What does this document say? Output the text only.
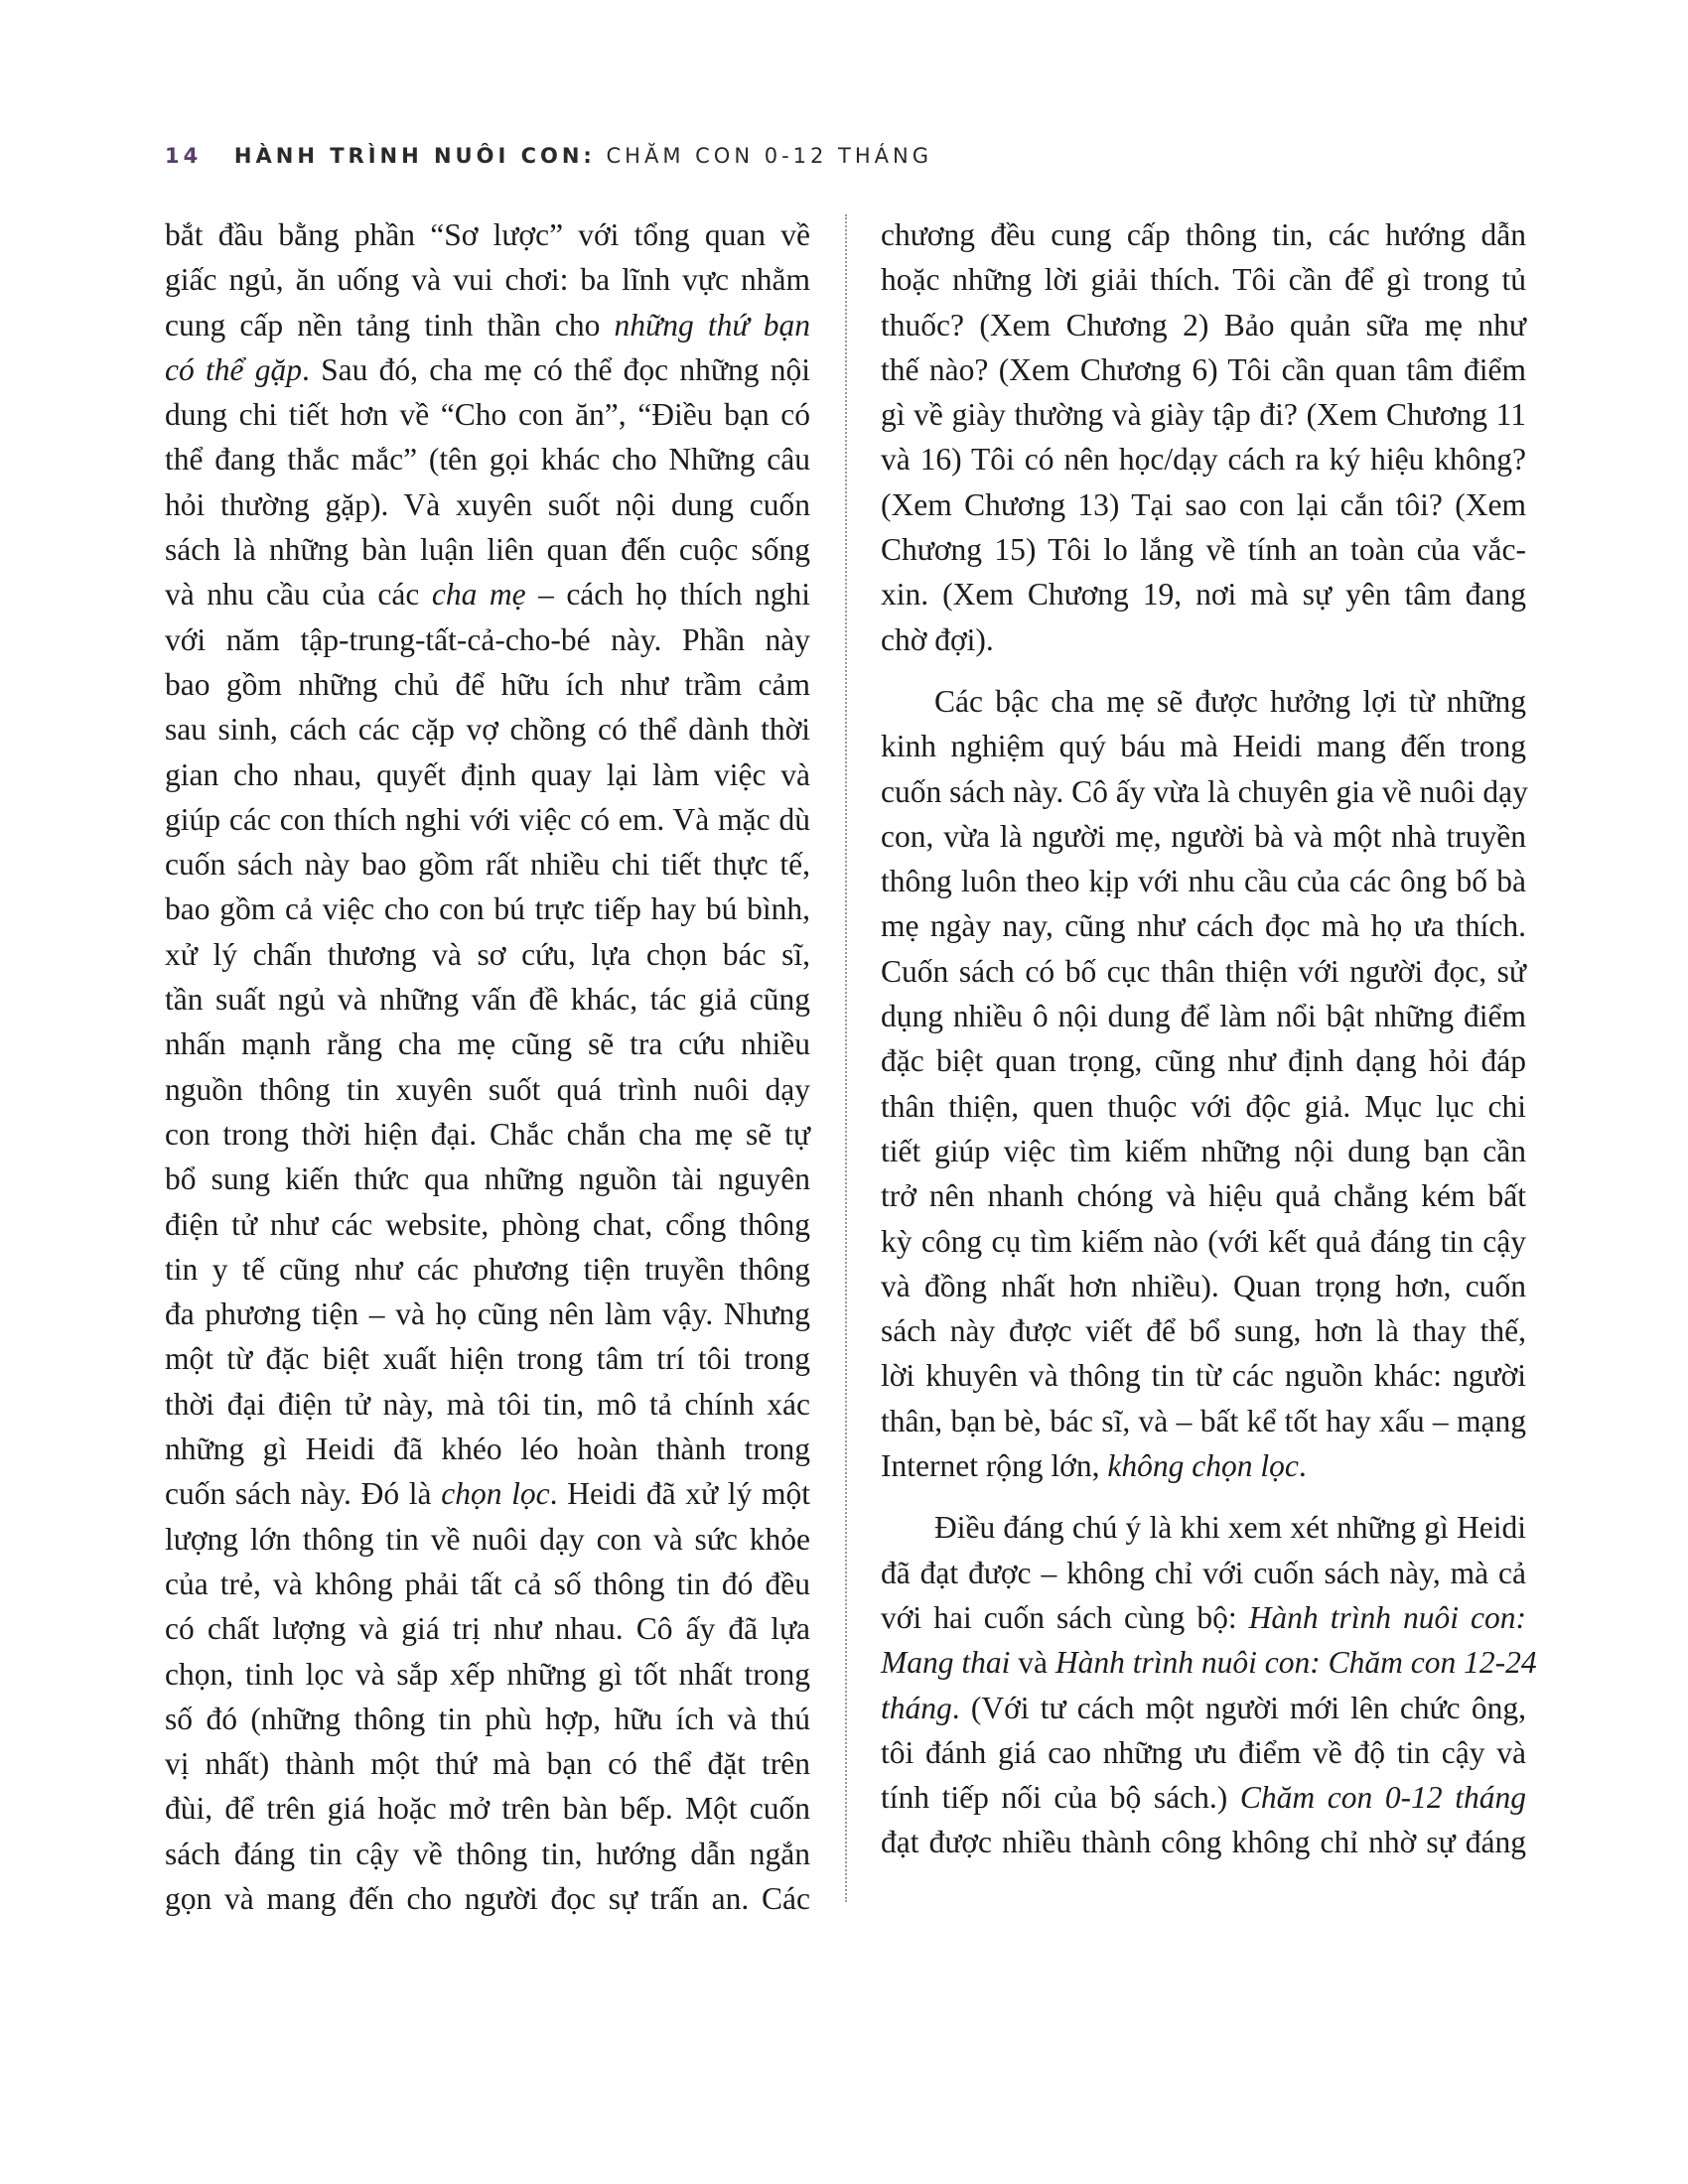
14 HÀNH TRÌNH NUÔI CON: CHĂM CON 0-12 THÁNG
bắt đầu bằng phần “Sơ lược” với tổng quan về
giấc ngủ, ăn uống và vui chơi: ba lĩnh vực nhằm
cung cấp nền tảng tinh thần cho những thứ bạn
có thể gặp. Sau đó, cha mẹ có thể đọc những nội
dung chi tiết hơn về “Cho con ăn”, “Điều bạn có
thể đang thắc mắc” (tên gọi khác cho Những câu
hỏi thường gặp). Và xuyên suốt nội dung cuốn
sách là những bàn luận liên quan đến cuộc sống
và nhu cầu của các cha mẹ – cách họ thích nghi
với năm tập-trung-tất-cả-cho-bé này. Phần này
bao gồm những chủ để hữu ích như trầm cảm
sau sinh, cách các cặp vợ chồng có thể dành thời
gian cho nhau, quyết định quay lại làm việc và
giúp các con thích nghi với việc có em. Và mặc dù
cuốn sách này bao gồm rất nhiều chi tiết thực tế,
bao gồm cả việc cho con bú trực tiếp hay bú bình,
xử lý chấn thương và sơ cứu, lựa chọn bác sĩ,
tần suất ngủ và những vấn đề khác, tác giả cũng
nhấn mạnh rằng cha mẹ cũng sẽ tra cứu nhiều
nguồn thông tin xuyên suốt quá trình nuôi dạy
con trong thời hiện đại. Chắc chắn cha mẹ sẽ tự
bổ sung kiến thức qua những nguồn tài nguyên
điện tử như các website, phòng chat, cổng thông
tin y tế cũng như các phương tiện truyền thông
đa phương tiện – và họ cũng nên làm vậy. Nhưng
một từ đặc biệt xuất hiện trong tâm trí tôi trong
thời đại điện tử này, mà tôi tin, mô tả chính xác
những gì Heidi đã khéo léo hoàn thành trong
cuốn sách này. Đó là chọn lọc. Heidi đã xử lý một
lượng lớn thông tin về nuôi dạy con và sức khỏe
của trẻ, và không phải tất cả số thông tin đó đều
có chất lượng và giá trị như nhau. Cô ấy đã lựa
chọn, tinh lọc và sắp xếp những gì tốt nhất trong
số đó (những thông tin phù hợp, hữu ích và thú
vị nhất) thành một thứ mà bạn có thể đặt trên
đùi, để trên giá hoặc mở trên bàn bếp. Một cuốn
sách đáng tin cậy về thông tin, hướng dẫn ngắn
gọn và mang đến cho người đọc sự trấn an. Các
chương đều cung cấp thông tin, các hướng dẫn
hoặc những lời giải thích. Tôi cần để gì trong tủ
thuốc? (Xem Chương 2) Bảo quản sữa mẹ như
thế nào? (Xem Chương 6) Tôi cần quan tâm điểm
gì về giày thường và giày tập đi? (Xem Chương 11
và 16) Tôi có nên học/dạy cách ra ký hiệu không?
(Xem Chương 13) Tại sao con lại cắn tôi? (Xem
Chương 15) Tôi lo lắng về tính an toàn của vắc-
xin. (Xem Chương 19, nơi mà sự yên tâm đang
chờ đợi).
Các bậc cha mẹ sẽ được hưởng lợi từ những
kinh nghiệm quý báu mà Heidi mang đến trong
cuốn sách này. Cô ấy vừa là chuyên gia về nuôi dạy
con, vừa là người mẹ, người bà và một nhà truyền
thông luôn theo kịp với nhu cầu của các ông bố bà
mẹ ngày nay, cũng như cách đọc mà họ ưa thích.
Cuốn sách có bố cục thân thiện với người đọc, sử
dụng nhiều ô nội dung để làm nổi bật những điểm
đặc biệt quan trọng, cũng như định dạng hỏi đáp
thân thiện, quen thuộc với độc giả. Mục lục chi
tiết giúp việc tìm kiếm những nội dung bạn cần
trở nên nhanh chóng và hiệu quả chẳng kém bất
kỳ công cụ tìm kiếm nào (với kết quả đáng tin cậy
và đồng nhất hơn nhiều). Quan trọng hơn, cuốn
sách này được viết để bổ sung, hơn là thay thế,
lời khuyên và thông tin từ các nguồn khác: người
thân, bạn bè, bác sĩ, và – bất kể tốt hay xấu – mạng
Internet rộng lớn, không chọn lọc.
Điều đáng chú ý là khi xem xét những gì Heidi
đã đạt được – không chỉ với cuốn sách này, mà cả
với hai cuốn sách cùng bộ: Hành trình nuôi con:
Mang thai và Hành trình nuôi con: Chăm con 12-24
tháng. (Với tư cách một người mới lên chức ông,
tôi đánh giá cao những ưu điểm về độ tin cậy và
tính tiếp nối của bộ sách.) Chăm con 0-12 tháng
đạt được nhiều thành công không chỉ nhờ sự đáng
